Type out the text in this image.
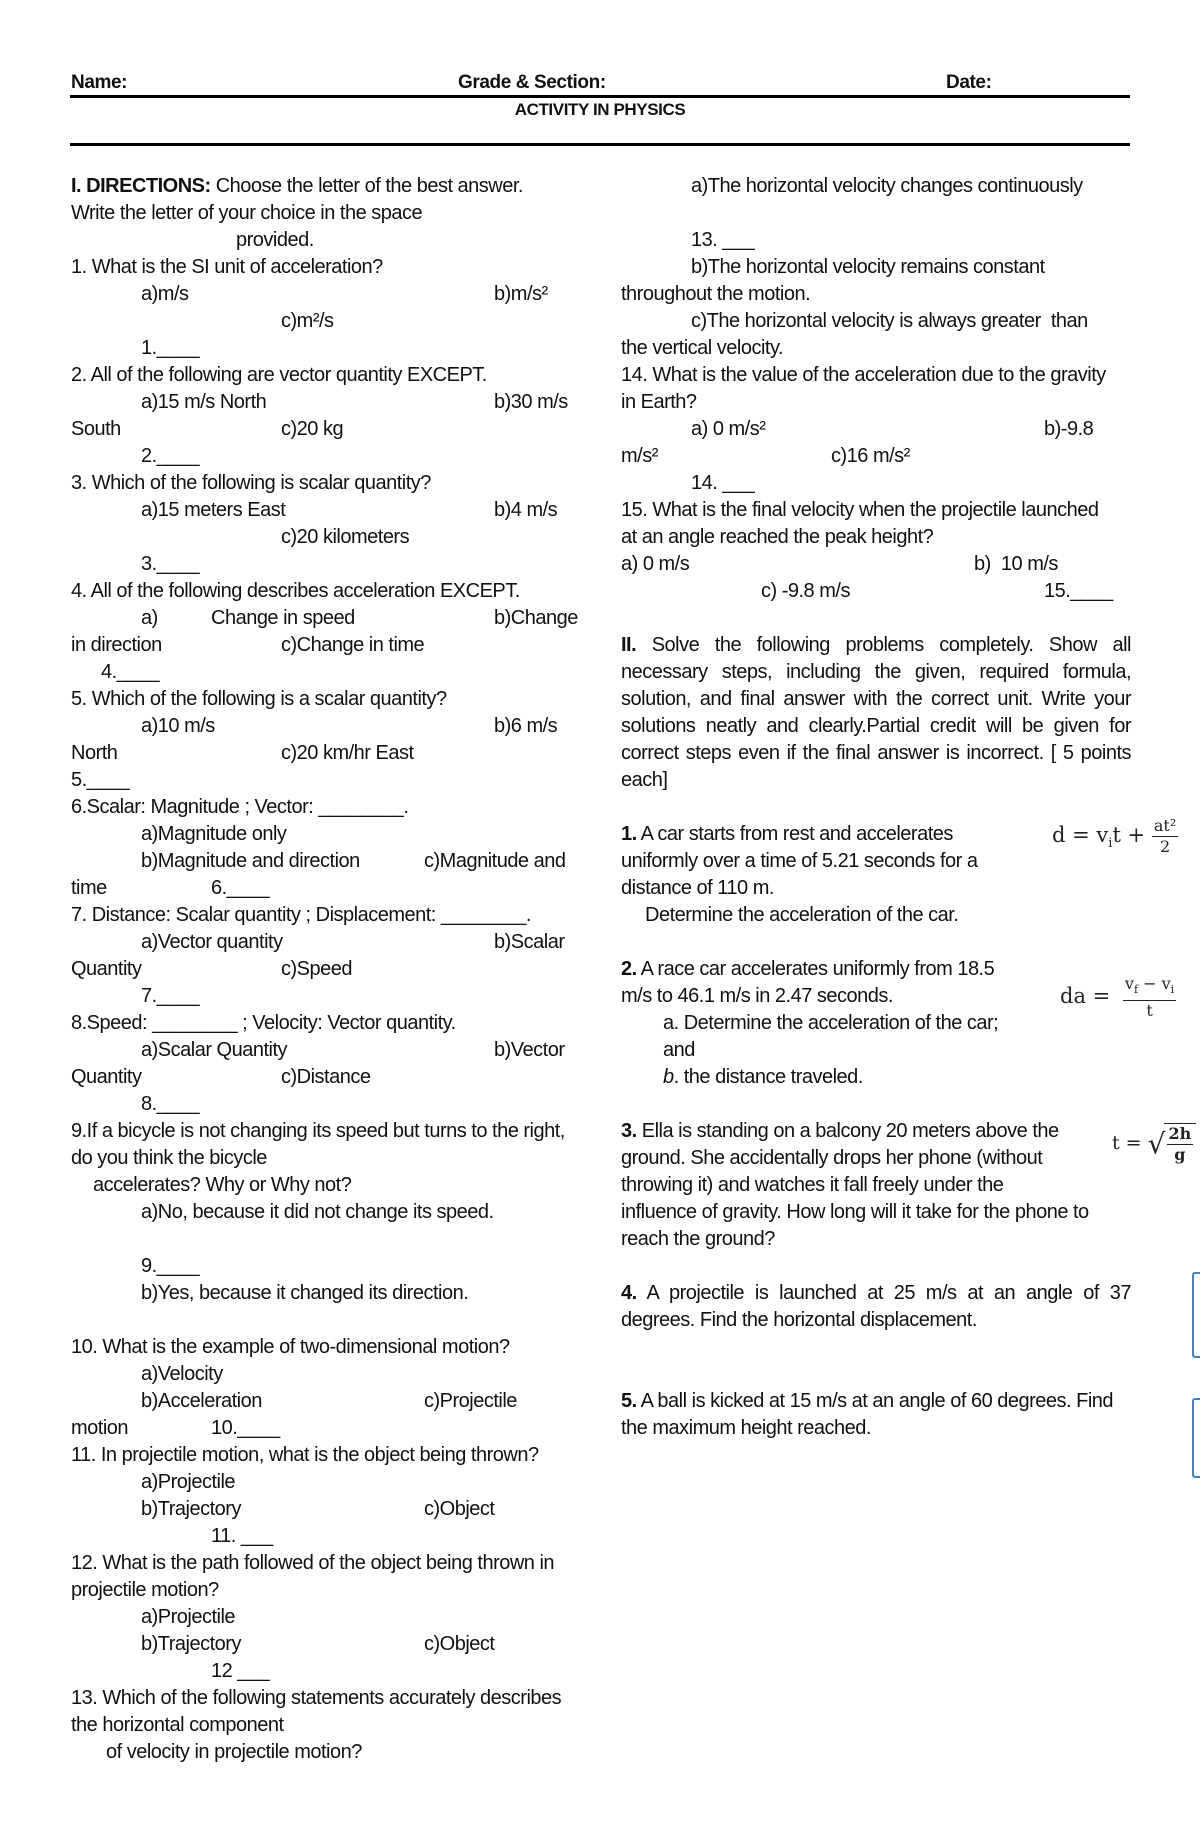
Name:	Grade & Section:	Date:
ACTIVITY IN PHYSICS
I. DIRECTIONS: Choose the letter of the best answer.
Write the letter of your choice in the space
provided.
1. What is the SI unit of acceleration?
a)m/s	b)m/s²
c)m²/s
1.____
2. All of the following are vector quantity EXCEPT.
a)15 m/s North	b)30 m/s
South	c)20 kg
2.____
3. Which of the following is scalar quantity?
a)15 meters East	b)4 m/s
c)20 kilometers
3.____
4. All of the following describes acceleration EXCEPT.
a)	Change in speed	b)Change
in direction	c)Change in time
4.____
5. Which of the following is a scalar quantity?
a)10 m/s	b)6 m/s
North	c)20 km/hr East
5.____
6.Scalar: Magnitude ; Vector: ________.
a)Magnitude only
b)Magnitude and direction	c)Magnitude and
time	6.____
7. Distance: Scalar quantity ; Displacement: ________.
a)Vector quantity	b)Scalar
Quantity	c)Speed
7.____
8.Speed: ________ ; Velocity: Vector quantity.
a)Scalar Quantity	b)Vector
Quantity	c)Distance
8.____
9.If a bicycle is not changing its speed but turns to the right,
do you think the bicycle
accelerates? Why or Why not?
a)No, because it did not change its speed.
9.____
b)Yes, because it changed its direction.
10. What is the example of two-dimensional motion?
a)Velocity
b)Acceleration	c)Projectile
motion	10.____
11. In projectile motion, what is the object being thrown?
a)Projectile
b)Trajectory	c)Object
11. ___
12. What is the path followed of the object being thrown in
projectile motion?
a)Projectile
b)Trajectory	c)Object
12 ___
13. Which of the following statements accurately describes
the horizontal component
of velocity in projectile motion?
a)The horizontal velocity changes continuously
13. ___
b)The horizontal velocity remains constant
throughout the motion.
c)The horizontal velocity is always greater  than
the vertical velocity.
14. What is the value of the acceleration due to the gravity
in Earth?
a) 0 m/s²	b)-9.8
m/s²	c)16 m/s²
14. ___
15. What is the final velocity when the projectile launched
at an angle reached the peak height?
a) 0 m/s	b)  10 m/s
c) -9.8 m/s	15.____
II. Solve the following problems completely. Show all necessary steps, including the given, required formula, solution, and final answer with the correct unit. Write your solutions neatly and clearly.Partial credit will be given for correct steps even if the final answer is incorrect. [ 5 points each]
1. A car starts from rest and accelerates
uniformly over a time of 5.21 seconds for a
distance of 110 m.
Determine the acceleration of the car.
2. A race car accelerates uniformly from 18.5
m/s to 46.1 m/s in 2.47 seconds.
a. Determine the acceleration of the car;
and
b. the distance traveled.
3. Ella is standing on a balcony 20 meters above the
ground. She accidentally drops her phone (without
throwing it) and watches it fall freely under the
influence of gravity. How long will it take for the phone to
reach the ground?
4. A projectile is launched at 25 m/s at an angle of 37 degrees. Find the horizontal displacement.
5. A ball is kicked at 15 m/s at an angle of 60 degrees. Find the maximum height reached.
$d = v_it + \frac{\text{at²}}{2}$
da = $\frac{v_f - v_i}{t}$
t = √
$\frac{2h}{g}$
